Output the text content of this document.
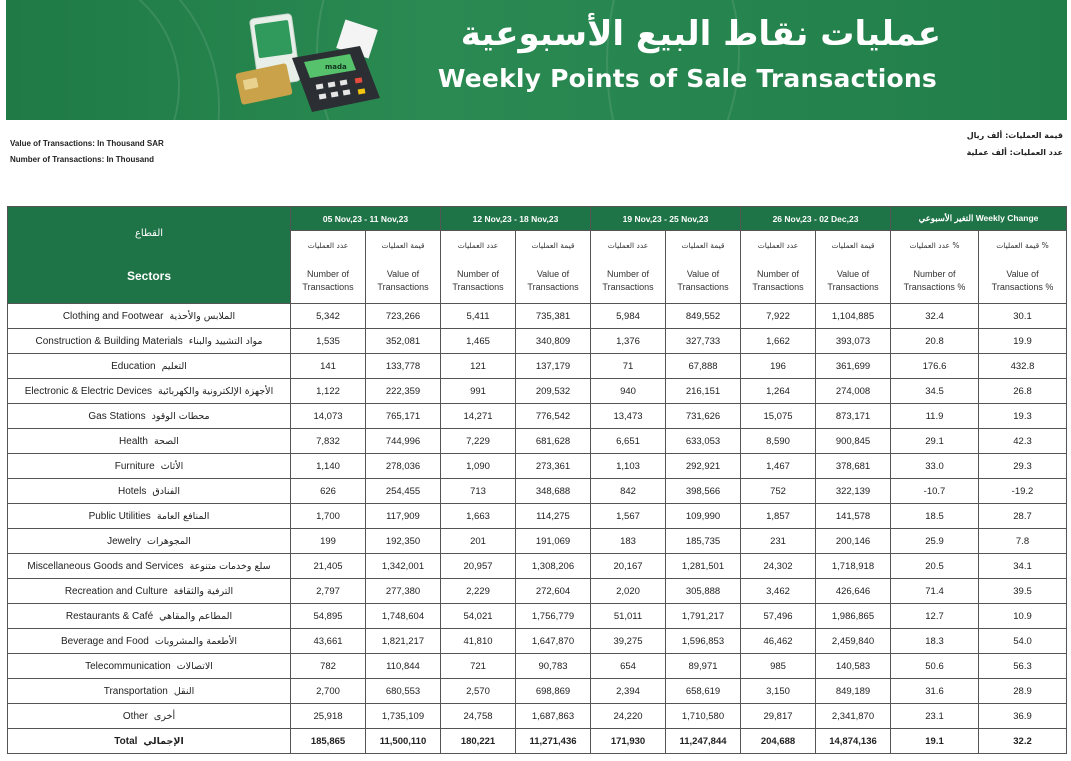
mada
عمليات نقاط البيع الأسبوعية
Weekly Points of Sale Transactions
Value of Transactions: In Thousand SAR
Number of Transactions: In Thousand
قيمة العمليات: ألف ريال
عدد العمليات: ألف عملية
القطاع
Sectors	05 Nov,23 - 11 Nov,23		12 Nov,23 - 18 Nov,23		19 Nov,23 - 25 Nov,23		26 Nov,23 - 02 Dec,23		التغير الأسبوعي Weekly Change	

	عدد العمليات
Number of
Transactions	قيمة العمليات
Value of
Transactions	عدد العمليات
Number of
Transactions	قيمة العمليات
Value of
Transactions	عدد العمليات
Number of
Transactions	قيمة العمليات
Value of
Transactions	عدد العمليات
Number of
Transactions	قيمة العمليات
Value of
Transactions	عدد العمليات %
Number of
Transactions %	قيمة العمليات %
Value of
Transactions %

Clothing and Footwear الملابس والأحذية	5,342	723,266	5,411	735,381	5,984	849,552	7,922	1,104,885	32.4	30.1
Construction & Building Materials مواد التشييد والبناء	1,535	352,081	1,465	340,809	1,376	327,733	1,662	393,073	20.8	19.9
Education التعليم	141	133,778	121	137,179	71	67,888	196	361,699	176.6	432.8
Electronic & Electric Devices الأجهزة الإلكترونية والكهربائية	1,122	222,359	991	209,532	940	216,151	1,264	274,008	34.5	26.8
Gas Stations محطات الوقود	14,073	765,171	14,271	776,542	13,473	731,626	15,075	873,171	11.9	19.3
Health الصحة	7,832	744,996	7,229	681,628	6,651	633,053	8,590	900,845	29.1	42.3
Furniture الأثاث	1,140	278,036	1,090	273,361	1,103	292,921	1,467	378,681	33.0	29.3
Hotels الفنادق	626	254,455	713	348,688	842	398,566	752	322,139	-10.7	-19.2
Public Utilities المنافع العامة	1,700	117,909	1,663	114,275	1,567	109,990	1,857	141,578	18.5	28.7
Jewelry المجوهرات	199	192,350	201	191,069	183	185,735	231	200,146	25.9	7.8
Miscellaneous Goods and Services سلع وخدمات متنوعة	21,405	1,342,001	20,957	1,308,206	20,167	1,281,501	24,302	1,718,918	20.5	34.1
Recreation and Culture الترفية والثقافة	2,797	277,380	2,229	272,604	2,020	305,888	3,462	426,646	71.4	39.5
Restaurants & Café المطاعم والمقاهي	54,895	1,748,604	54,021	1,756,779	51,011	1,791,217	57,496	1,986,865	12.7	10.9
Beverage and Food الأطعمة والمشروبات	43,661	1,821,217	41,810	1,647,870	39,275	1,596,853	46,462	2,459,840	18.3	54.0
Telecommunication الاتصالات	782	110,844	721	90,783	654	89,971	985	140,583	50.6	56.3
Transportation النقل	2,700	680,553	2,570	698,869	2,394	658,619	3,150	849,189	31.6	28.9
Other أخرى	25,918	1,735,109	24,758	1,687,863	24,220	1,710,580	29,817	2,341,870	23.1	36.9
Total الإجمالي	185,865	11,500,110	180,221	11,271,436	171,930	11,247,844	204,688	14,874,136	19.1	32.2
